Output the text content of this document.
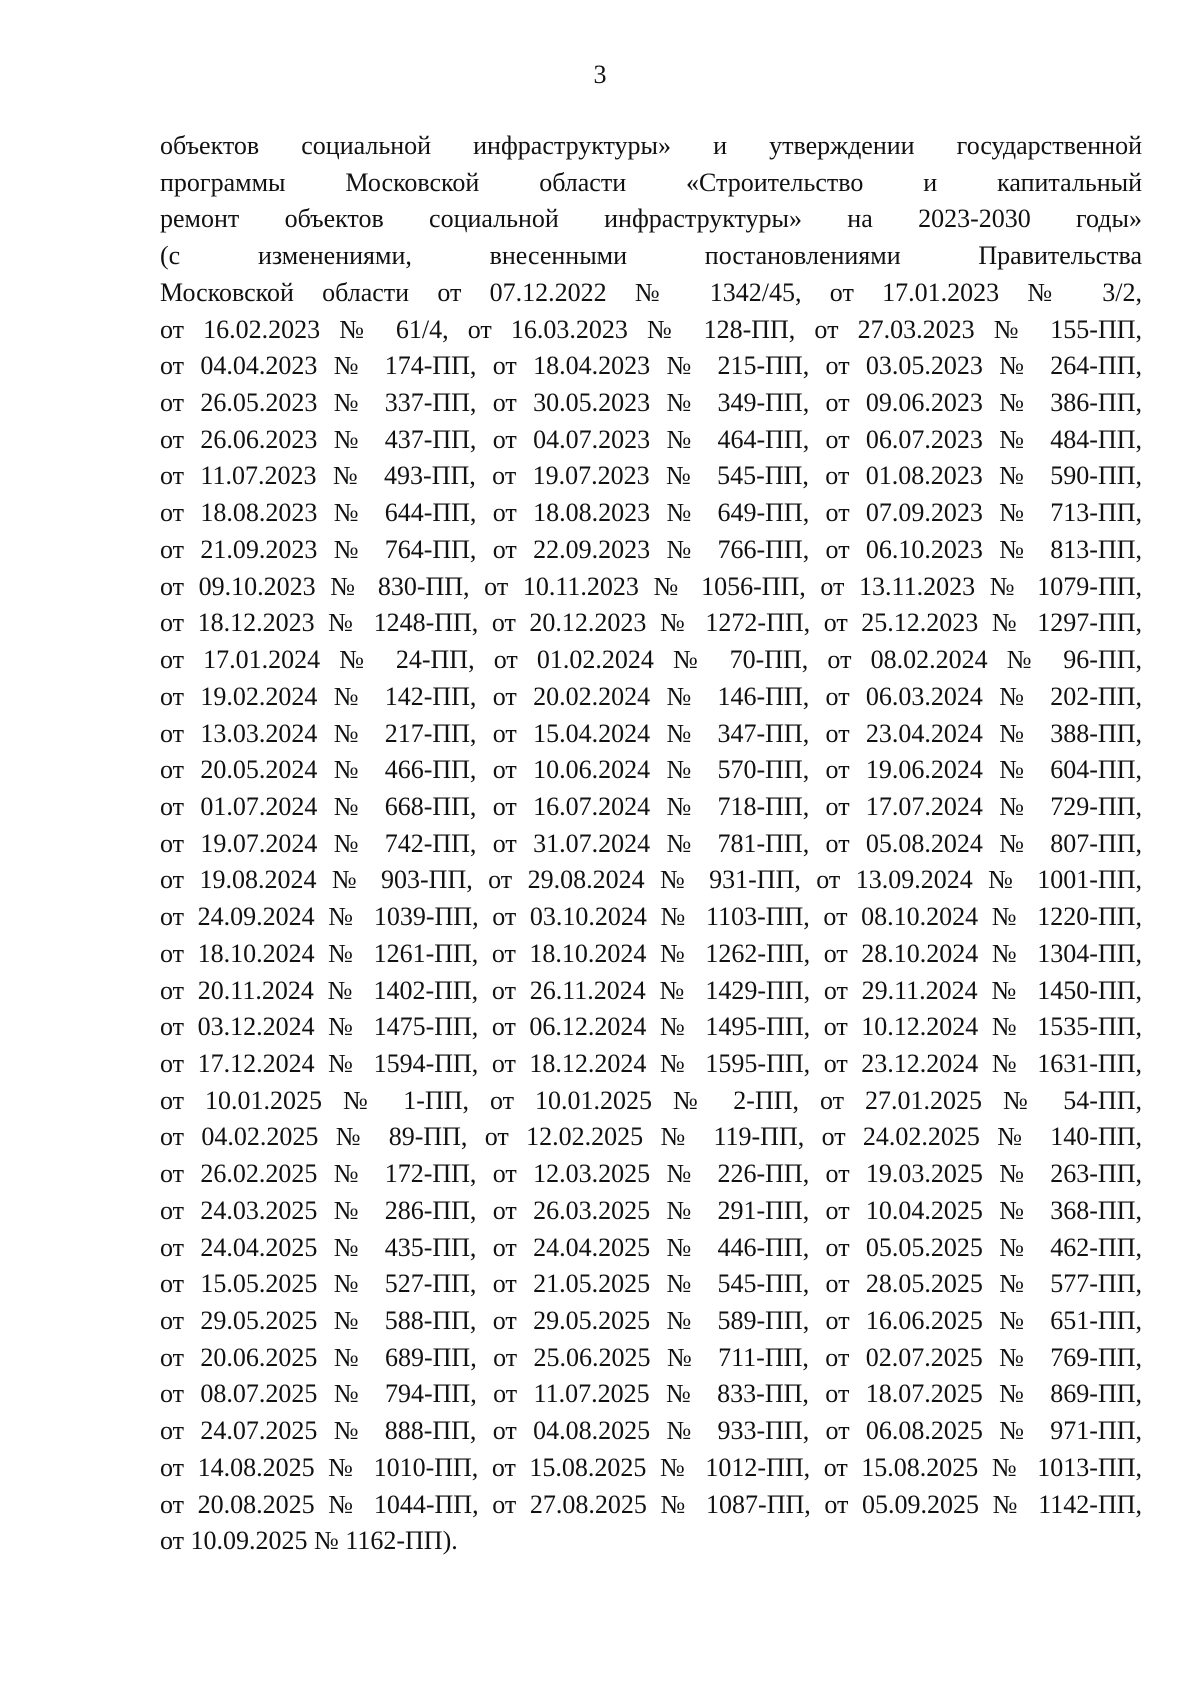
3
объектов социальной инфраструктуры» и утверждении государственной
программы Московской области «Строительство и капитальный
ремонт объектов социальной инфраструктуры» на 2023-2030 годы»
(с изменениями, внесенными постановлениями Правительства
Московской области от 07.12.2022 № 1342/45, от 17.01.2023 № 3/2,
от 16.02.2023 № 61/4, от 16.03.2023 № 128-ПП, от 27.03.2023 № 155-ПП,
от 04.04.2023 № 174-ПП, от 18.04.2023 № 215-ПП, от 03.05.2023 № 264-ПП,
от 26.05.2023 № 337-ПП, от 30.05.2023 № 349-ПП, от 09.06.2023 № 386-ПП,
от 26.06.2023 № 437-ПП, от 04.07.2023 № 464-ПП, от 06.07.2023 № 484-ПП,
от 11.07.2023 № 493-ПП, от 19.07.2023 № 545-ПП, от 01.08.2023 № 590-ПП,
от 18.08.2023 № 644-ПП, от 18.08.2023 № 649-ПП, от 07.09.2023 № 713-ПП,
от 21.09.2023 № 764-ПП, от 22.09.2023 № 766-ПП, от 06.10.2023 № 813-ПП,
от 09.10.2023 № 830-ПП, от 10.11.2023 № 1056-ПП, от 13.11.2023 № 1079-ПП,
от 18.12.2023 № 1248-ПП, от 20.12.2023 № 1272-ПП, от 25.12.2023 № 1297-ПП,
от 17.01.2024 № 24-ПП, от 01.02.2024 № 70-ПП, от 08.02.2024 № 96-ПП,
от 19.02.2024 № 142-ПП, от 20.02.2024 № 146-ПП, от 06.03.2024 № 202-ПП,
от 13.03.2024 № 217-ПП, от 15.04.2024 № 347-ПП, от 23.04.2024 № 388-ПП,
от 20.05.2024 № 466-ПП, от 10.06.2024 № 570-ПП, от 19.06.2024 № 604-ПП,
от 01.07.2024 № 668-ПП, от 16.07.2024 № 718-ПП, от 17.07.2024 № 729-ПП,
от 19.07.2024 № 742-ПП, от 31.07.2024 № 781-ПП, от 05.08.2024 № 807-ПП,
от 19.08.2024 № 903-ПП, от 29.08.2024 № 931-ПП, от 13.09.2024 № 1001-ПП,
от 24.09.2024 № 1039-ПП, от 03.10.2024 № 1103-ПП, от 08.10.2024 № 1220-ПП,
от 18.10.2024 № 1261-ПП, от 18.10.2024 № 1262-ПП, от 28.10.2024 № 1304-ПП,
от 20.11.2024 № 1402-ПП, от 26.11.2024 № 1429-ПП, от 29.11.2024 № 1450-ПП,
от 03.12.2024 № 1475-ПП, от 06.12.2024 № 1495-ПП, от 10.12.2024 № 1535-ПП,
от 17.12.2024 № 1594-ПП, от 18.12.2024 № 1595-ПП, от 23.12.2024 № 1631-ПП,
от 10.01.2025 № 1-ПП, от 10.01.2025 № 2-ПП, от 27.01.2025 № 54-ПП,
от 04.02.2025 № 89-ПП, от 12.02.2025 № 119-ПП, от 24.02.2025 № 140-ПП,
от 26.02.2025 № 172-ПП, от 12.03.2025 № 226-ПП, от 19.03.2025 № 263-ПП,
от 24.03.2025 № 286-ПП, от 26.03.2025 № 291-ПП, от 10.04.2025 № 368-ПП,
от 24.04.2025 № 435-ПП, от 24.04.2025 № 446-ПП, от 05.05.2025 № 462-ПП,
от 15.05.2025 № 527-ПП, от 21.05.2025 № 545-ПП, от 28.05.2025 № 577-ПП,
от 29.05.2025 № 588-ПП, от 29.05.2025 № 589-ПП, от 16.06.2025 № 651-ПП,
от 20.06.2025 № 689-ПП, от 25.06.2025 № 711-ПП, от 02.07.2025 № 769-ПП,
от 08.07.2025 № 794-ПП, от 11.07.2025 № 833-ПП, от 18.07.2025 № 869-ПП,
от 24.07.2025 № 888-ПП, от 04.08.2025 № 933-ПП, от 06.08.2025 № 971-ПП,
от 14.08.2025 № 1010-ПП, от 15.08.2025 № 1012-ПП, от 15.08.2025 № 1013-ПП,
от 20.08.2025 № 1044-ПП, от 27.08.2025 № 1087-ПП, от 05.09.2025 № 1142-ПП,
от 10.09.2025 № 1162-ПП).
